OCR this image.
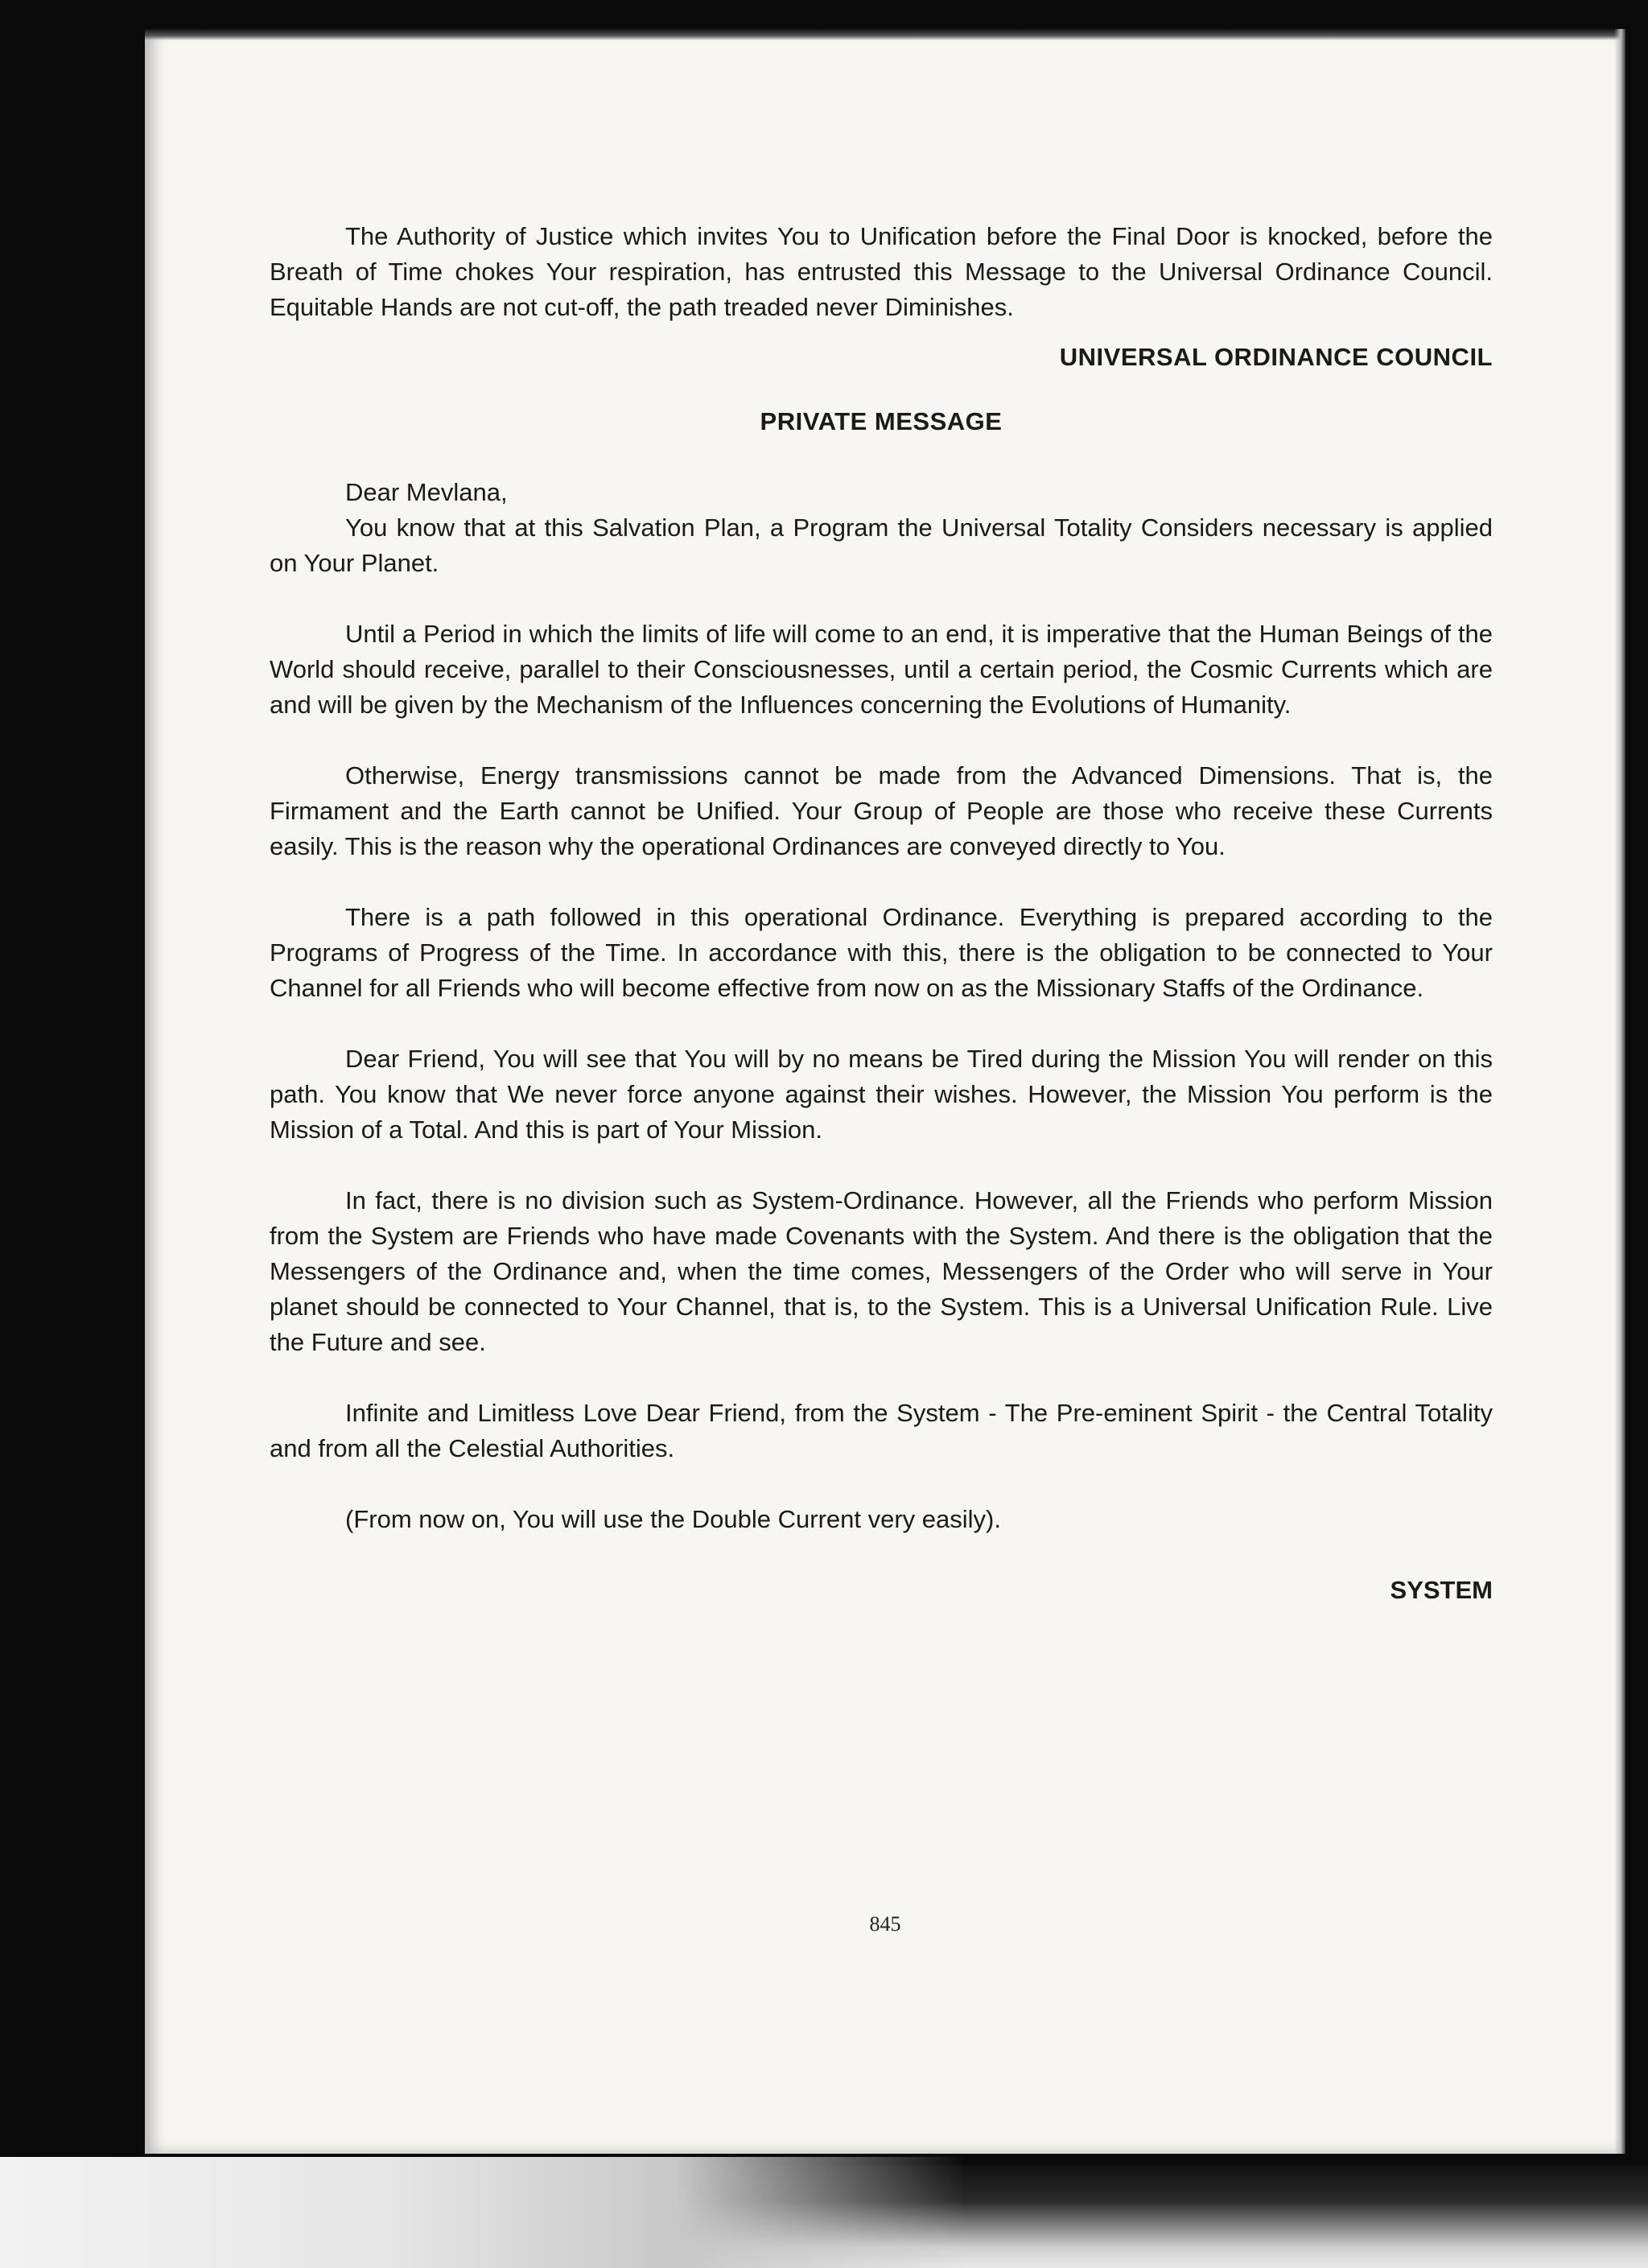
The Authority of Justice which invites You to Unification before the Final Door is knocked, before the Breath of Time chokes Your respiration, has entrusted this Message to the Universal Ordinance Council. Equitable Hands are not cut-off, the path treaded never Diminishes.

UNIVERSAL ORDINANCE COUNCIL
PRIVATE MESSAGE

Dear Mevlana,

You know that at this Salvation Plan, a Program the Universal Totality Considers necessary is applied on Your Planet.

Until a Period in which the limits of life will come to an end, it is imperative that the Human Beings of the World should receive, parallel to their Consciousnesses, until a certain period, the Cosmic Currents which are and will be given by the Mechanism of the Influences concerning the Evolutions of Humanity.

Otherwise, Energy transmissions cannot be made from the Advanced Dimensions. That is, the Firmament and the Earth cannot be Unified. Your Group of People are those who receive these Currents easily. This is the reason why the operational Ordinances are conveyed directly to You.

There is a path followed in this operational Ordinance. Everything is prepared according to the Programs of Progress of the Time. In accordance with this, there is the obligation to be connected to Your Channel for all Friends who will become effective from now on as the Missionary Staffs of the Ordinance.

Dear Friend, You will see that You will by no means be Tired during the Mission You will render on this path. You know that We never force anyone against their wishes. However, the Mission You perform is the Mission of a Total. And this is part of Your Mission.

In fact, there is no division such as System-Ordinance. However, all the Friends who perform Mission from the System are Friends who have made Covenants with the System. And there is the obligation that the Messengers of the Ordinance and, when the time comes, Messengers of the Order who will serve in Your planet should be connected to Your Channel, that is, to the System. This is a Universal Unification Rule. Live the Future and see.

Infinite and Limitless Love Dear Friend, from the System - The Pre-eminent Spirit - the Central Totality and from all the Celestial Authorities.

(From now on, You will use the Double Current very easily).

SYSTEM
845
